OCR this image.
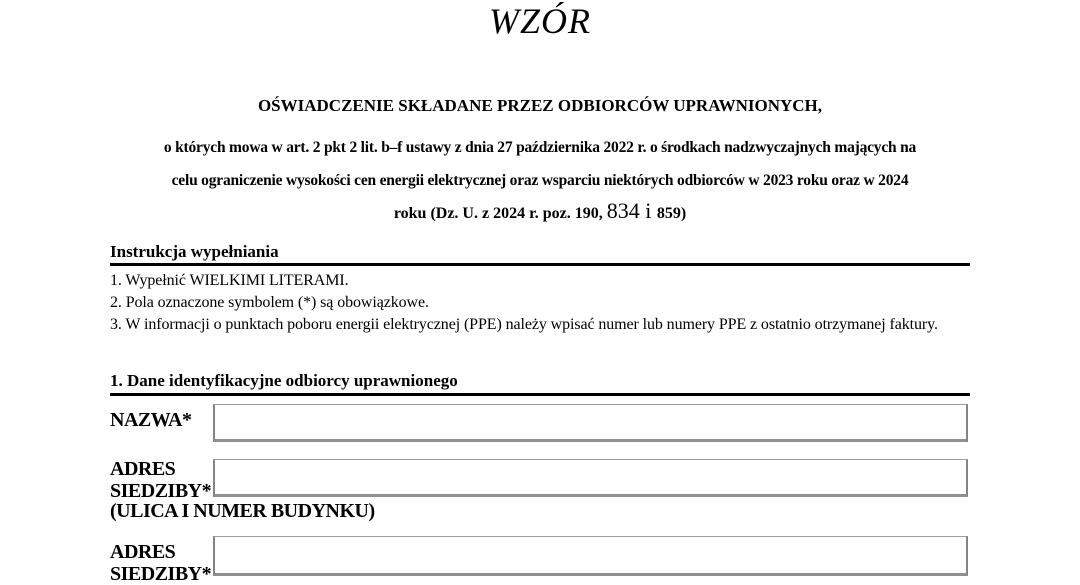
WZÓR
OŚWIADCZENIE SKŁADANE PRZEZ ODBIORCÓW UPRAWNIONYCH,
o których mowa w art. 2 pkt 2 lit. b–f ustawy z dnia 27 października 2022 r. o środkach nadzwyczajnych mających na
celu ograniczenie wysokości cen energii elektrycznej oraz wsparciu niektórych odbiorców w 2023 roku oraz w 2024
roku (Dz. U. z 2024 r. poz. 190, 834 i 859)
Instrukcja wypełniania
1. Wypełnić WIELKIMI LITERAMI.
2. Pola oznaczone symbolem (*) są obowiązkowe.
3. W informacji o punktach poboru energii elektrycznej (PPE) należy wpisać numer lub numery PPE z ostatnio otrzymanej faktury.
1. Dane identyfikacyjne odbiorcy uprawnionego
NAZWA*
ADRES
SIEDZIBY*
(ULICA I NUMER BUDYNKU)
ADRES
SIEDZIBY*
